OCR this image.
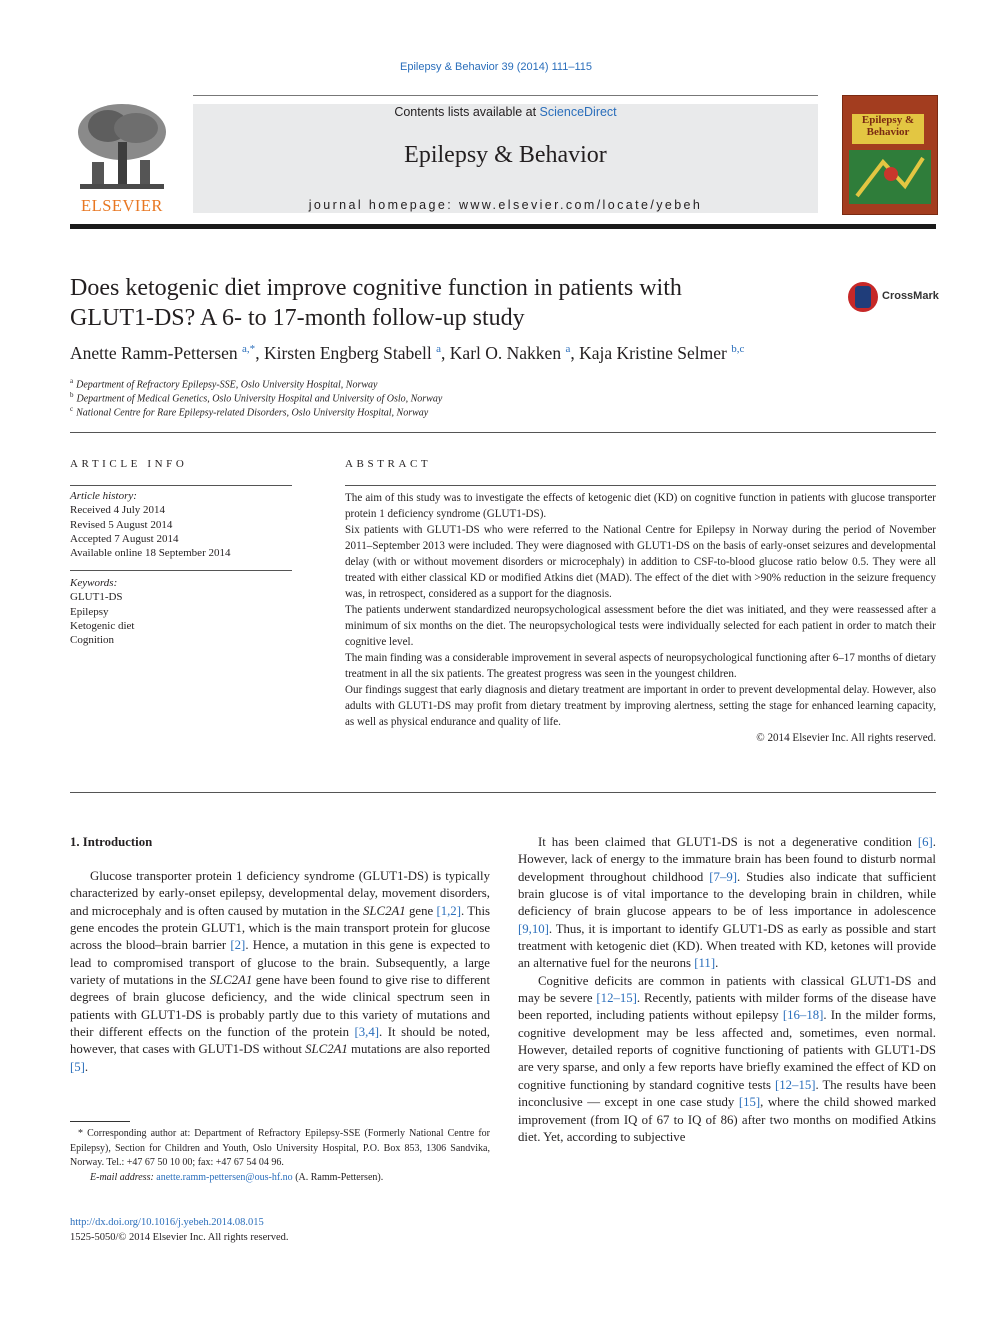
Epilepsy & Behavior 39 (2014) 111–115
ELSEVIER
Contents lists available at ScienceDirect
Epilepsy & Behavior
journal homepage: www.elsevier.com/locate/yebeh
Epilepsy & Behavior
Does ketogenic diet improve cognitive function in patients with
GLUT1-DS? A 6- to 17-month follow-up study
CrossMark
Anette Ramm-Pettersen $^{a,*}$, Kirsten Engberg Stabell $^a$, Karl O. Nakken $^a$, Kaja Kristine Selmer $^{b,c}$
$^a$ Department of Refractory Epilepsy-SSE, Oslo University Hospital, Norway
$^b$ Department of Medical Genetics, Oslo University Hospital and University of Oslo, Norway
$^c$ National Centre for Rare Epilepsy-related Disorders, Oslo University Hospital, Norway
ARTICLE INFO
Article history:
Received 4 July 2014
Revised 5 August 2014
Accepted 7 August 2014
Available online 18 September 2014
Keywords:
GLUT1-DS
Epilepsy
Ketogenic diet
Cognition
ABSTRACT

The aim of this study was to investigate the effects of ketogenic diet (KD) on cognitive function in patients with glucose transporter protein 1 deficiency syndrome (GLUT1-DS).

Six patients with GLUT1-DS who were referred to the National Centre for Epilepsy in Norway during the period of November 2011–September 2013 were included. They were diagnosed with GLUT1-DS on the basis of early-onset seizures and developmental delay (with or without movement disorders or microcephaly) in addition to CSF-to-blood glucose ratio below 0.5. They were all treated with either classical KD or modified Atkins diet (MAD). The effect of the diet with >90% reduction in the seizure frequency was, in retrospect, considered as a support for the diagnosis.

The patients underwent standardized neuropsychological assessment before the diet was initiated, and they were reassessed after a minimum of six months on the diet. The neuropsychological tests were individually selected for each patient in order to match their cognitive level.

The main finding was a considerable improvement in several aspects of neuropsychological functioning after 6–17 months of dietary treatment in all the six patients. The greatest progress was seen in the youngest children.

Our findings suggest that early diagnosis and dietary treatment are important in order to prevent developmental delay. However, also adults with GLUT1-DS may profit from dietary treatment by improving alertness, setting the stage for enhanced learning capacity, as well as physical endurance and quality of life.

© 2014 Elsevier Inc. All rights reserved.

1. Introduction

Glucose transporter protein 1 deficiency syndrome (GLUT1-DS) is typically characterized by early-onset epilepsy, developmental delay, movement disorders, and microcephaly and is often caused by mutation in the SLC2A1 gene [1,2]. This gene encodes the protein GLUT1, which is the main transport protein for glucose across the blood–brain barrier [2]. Hence, a mutation in this gene is expected to lead to compromised transport of glucose to the brain. Subsequently, a large variety of mutations in the SLC2A1 gene have been found to give rise to different degrees of brain glucose deficiency, and the wide clinical spectrum seen in patients with GLUT1-DS is probably partly due to this variety of mutations and their different effects on the function of the protein [3,4]. It should be noted, however, that cases with GLUT1-DS without SLC2A1 mutations are also reported [5].

It has been claimed that GLUT1-DS is not a degenerative condition [6]. However, lack of energy to the immature brain has been found to disturb normal development throughout childhood [7–9]. Studies also indicate that sufficient brain glucose is of vital importance to the developing brain in children, while deficiency of brain glucose appears to be of less importance in adolescence [9,10]. Thus, it is important to identify GLUT1-DS as early as possible and start treatment with ketogenic diet (KD). When treated with KD, ketones will provide an alternative fuel for the neurons [11].

Cognitive deficits are common in patients with classical GLUT1-DS and may be severe [12–15]. Recently, patients with milder forms of the disease have been reported, including patients without epilepsy [16–18]. In the milder forms, cognitive development may be less affected and, sometimes, even normal. However, detailed reports of cognitive functioning of patients with GLUT1-DS are very sparse, and only a few reports have briefly examined the effect of KD on cognitive functioning by standard cognitive tests [12–15]. The results have been inconclusive — except in one case study [15], where the child showed marked improvement (from IQ of 67 to IQ of 86) after two months on modified Atkins diet. Yet, according to subjective

* Corresponding author at: Department of Refractory Epilepsy-SSE (Formerly National Centre for Epilepsy), Section for Children and Youth, Oslo University Hospital, P.O. Box 853, 1306 Sandvika, Norway. Tel.: +47 67 50 10 00; fax: +47 67 54 04 96.
E-mail address: anette.ramm-pettersen@ous-hf.no (A. Ramm-Pettersen).
http://dx.doi.org/10.1016/j.yebeh.2014.08.015
1525-5050/© 2014 Elsevier Inc. All rights reserved.
